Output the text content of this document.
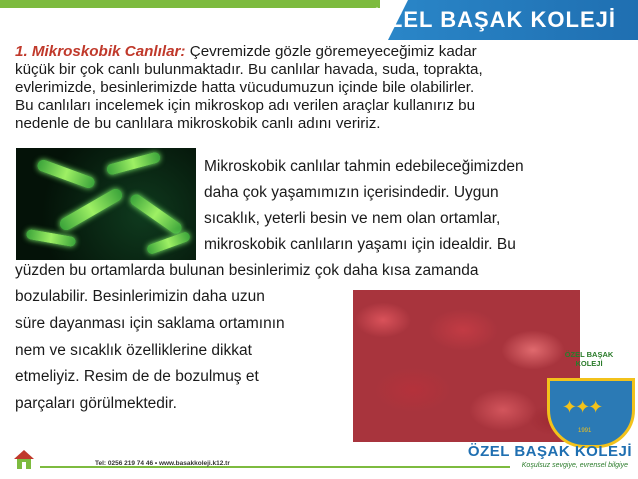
ÖZEL BAŞAK KOLEJİ
1. Mikroskobik Canlılar: Çevremizde gözle göremeyeceğimiz kadar
küçük bir çok canlı bulunmaktadır. Bu canlılar havada, suda, toprakta,
evlerimizde, besinlerimizde hatta vücudumuzun içinde bile olabilirler.
Bu canlıları incelemek için mikroskop adı verilen araçlar kullanırız bu
nedenle de bu canlılara mikroskobik canlı adını veririz.
Mikroskobik canlılar tahmin edebileceğimizden
daha çok yaşamımızın içerisindedir. Uygun
sıcaklık, yeterli besin ve nem olan ortamlar,
mikroskobik canlıların yaşamı için idealdir. Bu
yüzden bu ortamlarda bulunan besinlerimiz çok daha kısa zamanda
bozulabilir. Besinlerimizin daha uzun
süre dayanması için saklama ortamının
nem ve sıcaklık özelliklerine dikkat
etmeliyiz. Resim de de bozulmuş et
parçaları görülmektedir.
ÖZEL BAŞAK KOLEJİ
✦✦✦
1991
Tel: 0256 219 74 46 • www.basakkoleji.k12.tr
ÖZEL BAŞAK KOLEJİ
Koşulsuz sevgiye, evrensel bilgiye
